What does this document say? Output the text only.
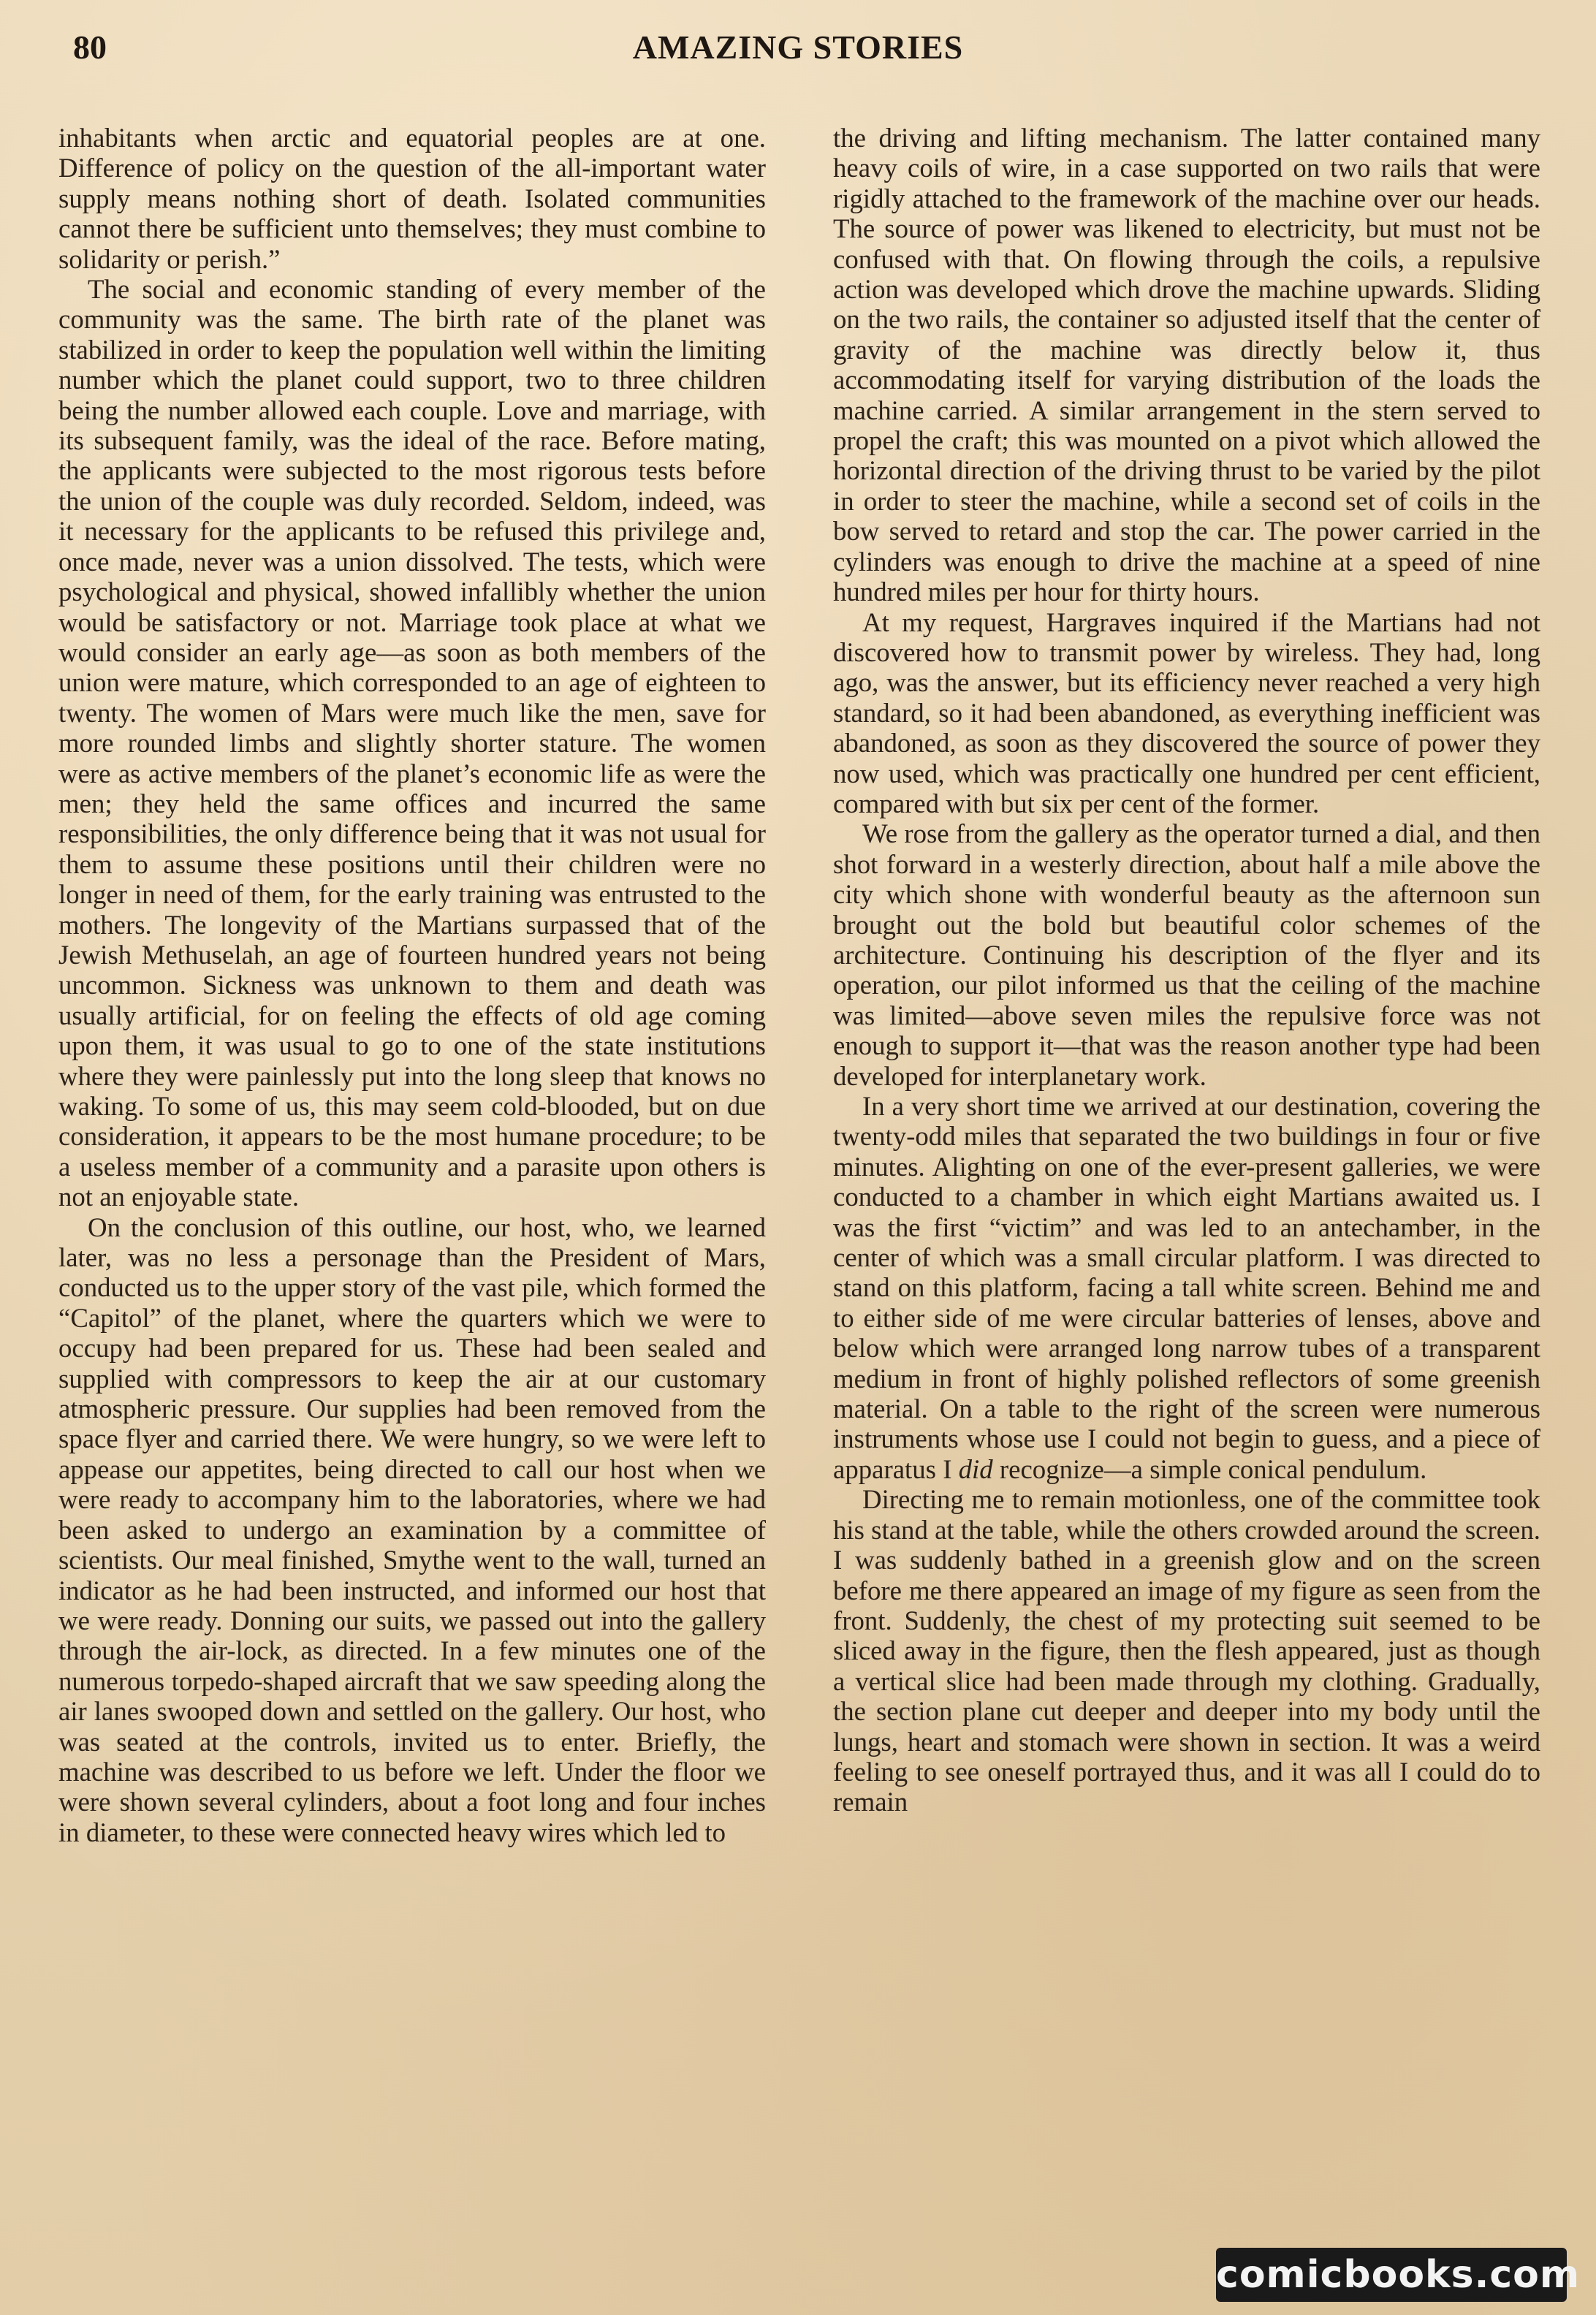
80	AMAZING STORIES

inhabitants when arctic and equatorial peoples are at one. Difference of policy on the question of the all-important water supply means nothing short of death. Isolated communities cannot there be sufficient unto themselves; they must combine to solidarity or perish.”

The social and economic standing of every member of the community was the same. The birth rate of the planet was stabilized in order to keep the population well within the limiting number which the planet could support, two to three children being the number allowed each couple. Love and marriage, with its subsequent family, was the ideal of the race. Before mating, the applicants were subjected to the most rigorous tests before the union of the couple was duly recorded. Seldom, indeed, was it necessary for the applicants to be refused this privilege and, once made, never was a union dissolved. The tests, which were psychological and physical, showed infallibly whether the union would be satisfactory or not. Marriage took place at what we would consider an early age—as soon as both members of the union were mature, which corresponded to an age of eighteen to twenty. The women of Mars were much like the men, save for more rounded limbs and slightly shorter stature. The women were as active members of the planet’s economic life as were the men; they held the same offices and incurred the same responsibilities, the only difference being that it was not usual for them to assume these positions until their children were no longer in need of them, for the early training was entrusted to the mothers. The longevity of the Martians surpassed that of the Jewish Methuselah, an age of fourteen hundred years not being uncommon. Sickness was unknown to them and death was usually artificial, for on feeling the effects of old age coming upon them, it was usual to go to one of the state institutions where they were painlessly put into the long sleep that knows no waking. To some of us, this may seem cold-blooded, but on due consideration, it appears to be the most humane procedure; to be a useless member of a community and a parasite upon others is not an enjoyable state.

On the conclusion of this outline, our host, who, we learned later, was no less a personage than the President of Mars, conducted us to the upper story of the vast pile, which formed the “Capitol” of the planet, where the quarters which we were to occupy had been prepared for us. These had been sealed and supplied with compressors to keep the air at our customary atmospheric pressure. Our supplies had been removed from the space flyer and carried there. We were hungry, so we were left to appease our appetites, being directed to call our host when we were ready to accompany him to the laboratories, where we had been asked to undergo an examination by a committee of scientists. Our meal finished, Smythe went to the wall, turned an indicator as he had been instructed, and informed our host that we were ready. Donning our suits, we passed out into the gallery through the air-lock, as directed. In a few minutes one of the numerous torpedo-shaped aircraft that we saw speeding along the air lanes swooped down and settled on the gallery. Our host, who was seated at the controls, invited us to enter. Briefly, the machine was described to us before we left. Under the floor we were shown several cylinders, about a foot long and four inches in diameter, to these were connected heavy wires which led to

the driving and lifting mechanism. The latter contained many heavy coils of wire, in a case supported on two rails that were rigidly attached to the framework of the machine over our heads. The source of power was likened to electricity, but must not be confused with that. On flowing through the coils, a repulsive action was developed which drove the machine upwards. Sliding on the two rails, the container so adjusted itself that the center of gravity of the machine was directly below it, thus accommodating itself for varying distribution of the loads the machine carried. A similar arrangement in the stern served to propel the craft; this was mounted on a pivot which allowed the horizontal direction of the driving thrust to be varied by the pilot in order to steer the machine, while a second set of coils in the bow served to retard and stop the car. The power carried in the cylinders was enough to drive the machine at a speed of nine hundred miles per hour for thirty hours.

At my request, Hargraves inquired if the Martians had not discovered how to transmit power by wireless. They had, long ago, was the answer, but its efficiency never reached a very high standard, so it had been abandoned, as everything inefficient was abandoned, as soon as they discovered the source of power they now used, which was practically one hundred per cent efficient, compared with but six per cent of the former.

We rose from the gallery as the operator turned a dial, and then shot forward in a westerly direction, about half a mile above the city which shone with wonderful beauty as the afternoon sun brought out the bold but beautiful color schemes of the architecture. Continuing his description of the flyer and its operation, our pilot informed us that the ceiling of the machine was limited—above seven miles the repulsive force was not enough to support it—that was the reason another type had been developed for interplanetary work.

In a very short time we arrived at our destination, covering the twenty-odd miles that separated the two buildings in four or five minutes. Alighting on one of the ever-present galleries, we were conducted to a chamber in which eight Martians awaited us. I was the first “victim” and was led to an antechamber, in the center of which was a small circular platform. I was directed to stand on this platform, facing a tall white screen. Behind me and to either side of me were circular batteries of lenses, above and below which were arranged long narrow tubes of a transparent medium in front of highly polished reflectors of some greenish material. On a table to the right of the screen were numerous instruments whose use I could not begin to guess, and a piece of apparatus I did recognize—a simple conical pendulum.

Directing me to remain motionless, one of the committee took his stand at the table, while the others crowded around the screen. I was suddenly bathed in a greenish glow and on the screen before me there appeared an image of my figure as seen from the front. Suddenly, the chest of my protecting suit seemed to be sliced away in the figure, then the flesh appeared, just as though a vertical slice had been made through my clothing. Gradually, the section plane cut deeper and deeper into my body until the lungs, heart and stomach were shown in section. It was a weird feeling to see oneself portrayed thus, and it was all I could do to remain

comicbooks.com
